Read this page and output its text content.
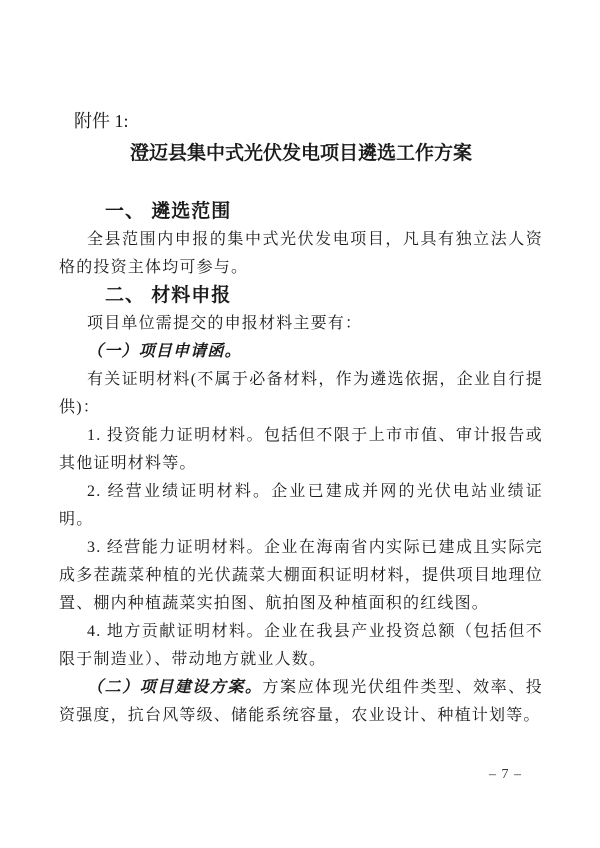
附件 1:
澄迈县集中式光伏发电项目遴选工作方案

一、 遴选范围

全县范围内申报的集中式光伏发电项目，凡具有独立法人资格的投资主体均可参与。

二、 材料申报

项目单位需提交的申报材料主要有：

（一）项目申请函。

有关证明材料(不属于必备材料，作为遴选依据，企业自行提供)：

1. 投资能力证明材料。包括但不限于上市市值、审计报告或其他证明材料等。

2. 经营业绩证明材料。企业已建成并网的光伏电站业绩证明。

3. 经营能力证明材料。企业在海南省内实际已建成且实际完成多茬蔬菜种植的光伏蔬菜大棚面积证明材料，提供项目地理位置、棚内种植蔬菜实拍图、航拍图及种植面积的红线图。

4. 地方贡献证明材料。企业在我县产业投资总额（包括但不限于制造业）、带动地方就业人数。

（二）项目建设方案。方案应体现光伏组件类型、效率、投资强度，抗台风等级、储能系统容量，农业设计、种植计划等。

– 7 –
